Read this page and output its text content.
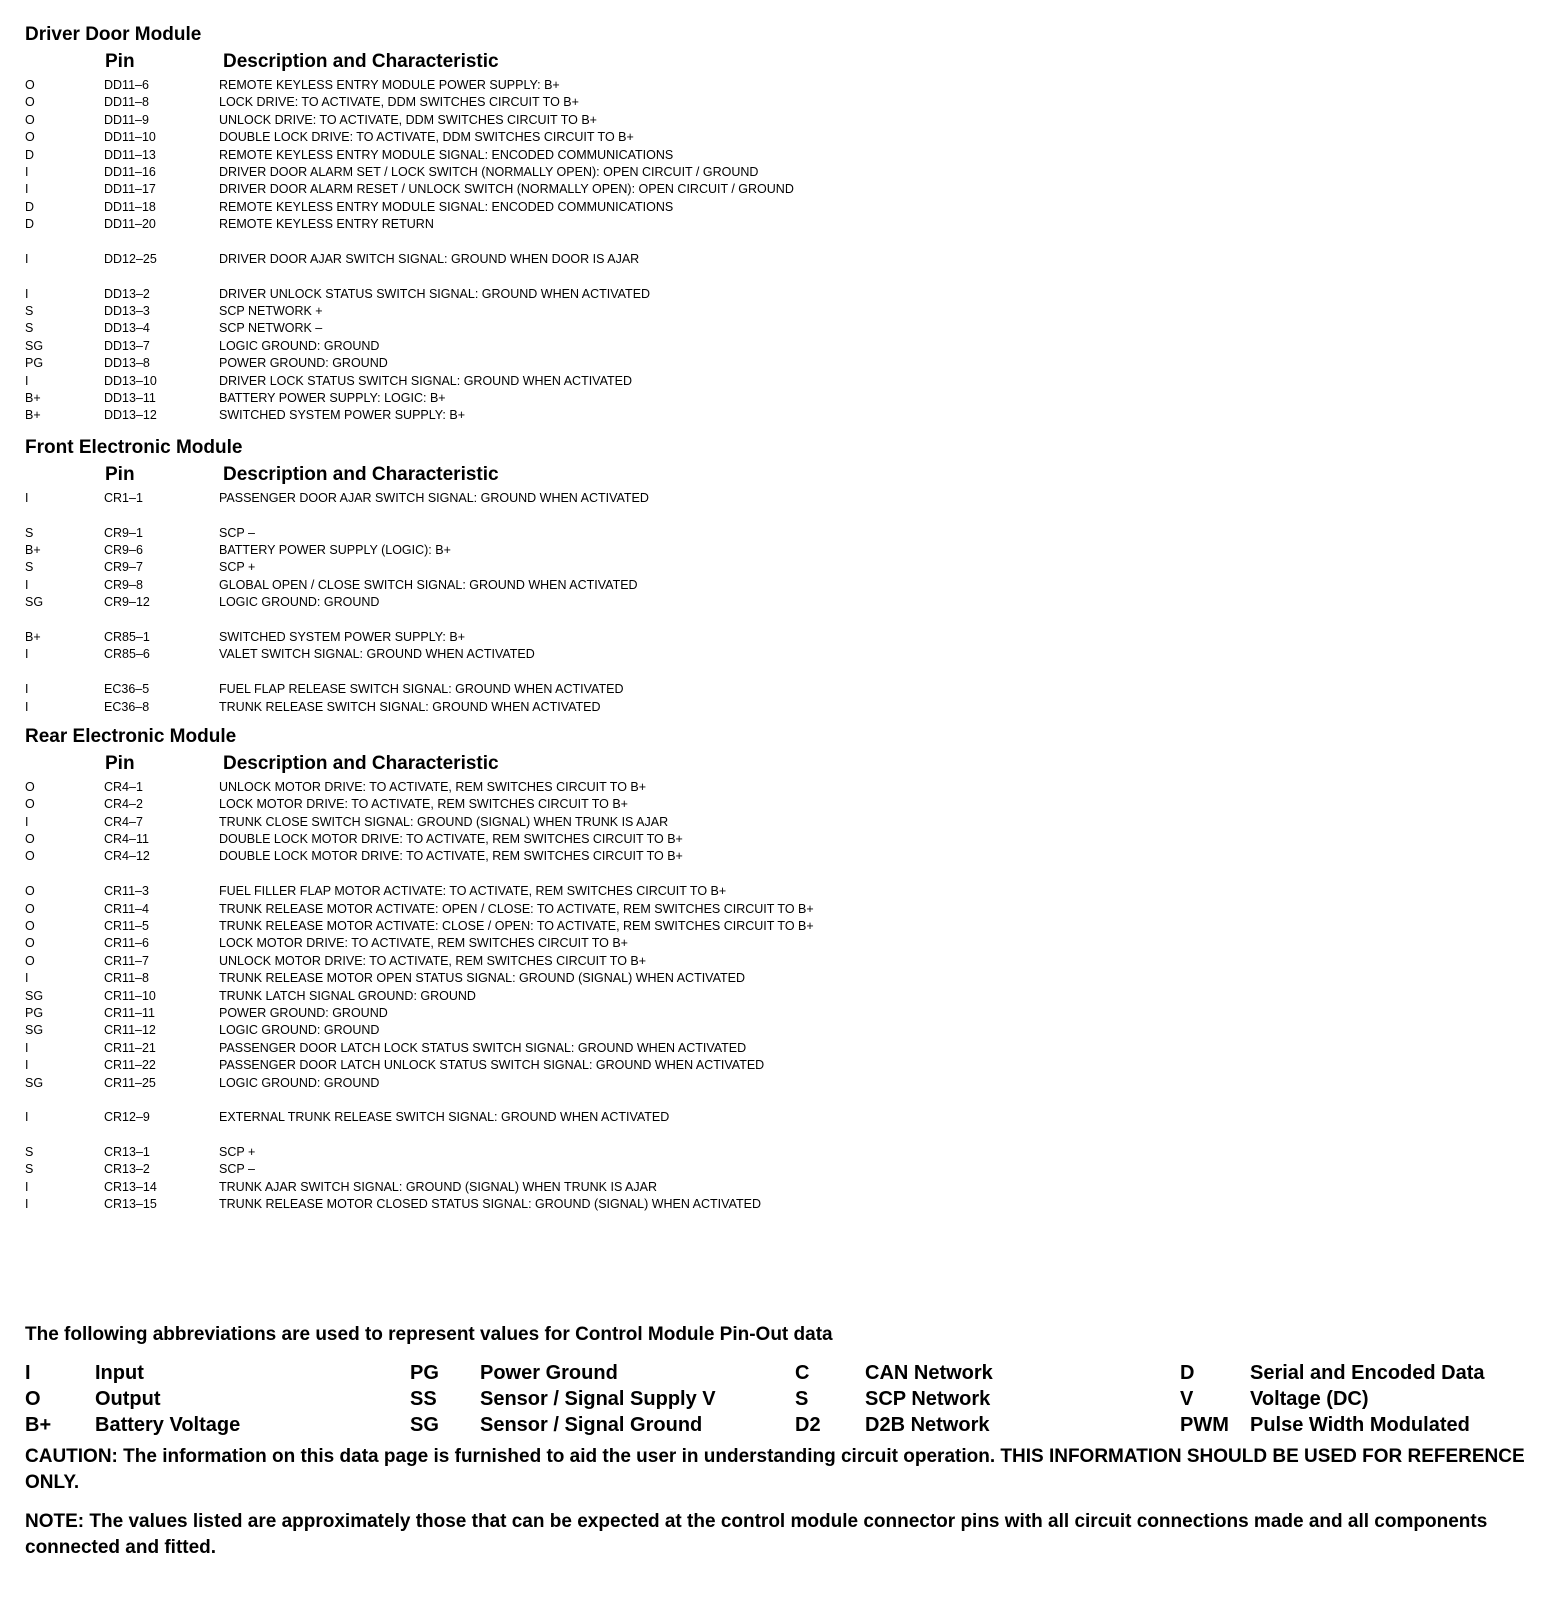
Driver Door Module
Pin	Description and Characteristic
O	DD11–6	REMOTE KEYLESS ENTRY MODULE POWER SUPPLY: B+
O	DD11–8	LOCK DRIVE: TO ACTIVATE, DDM SWITCHES CIRCUIT TO B+
O	DD11–9	UNLOCK DRIVE: TO ACTIVATE, DDM SWITCHES CIRCUIT TO B+
O	DD11–10	DOUBLE LOCK DRIVE: TO ACTIVATE, DDM SWITCHES CIRCUIT TO B+
D	DD11–13	REMOTE KEYLESS ENTRY MODULE SIGNAL: ENCODED COMMUNICATIONS
I	DD11–16	DRIVER DOOR ALARM SET / LOCK SWITCH (NORMALLY OPEN): OPEN CIRCUIT / GROUND
I	DD11–17	DRIVER DOOR ALARM RESET / UNLOCK SWITCH (NORMALLY OPEN): OPEN CIRCUIT / GROUND
D	DD11–18	REMOTE KEYLESS ENTRY MODULE SIGNAL: ENCODED COMMUNICATIONS
D	DD11–20	REMOTE KEYLESS ENTRY RETURN
I	DD12–25	DRIVER DOOR AJAR SWITCH SIGNAL: GROUND WHEN DOOR IS AJAR
I	DD13–2	DRIVER UNLOCK STATUS SWITCH SIGNAL: GROUND WHEN ACTIVATED
S	DD13–3	SCP NETWORK +
S	DD13–4	SCP NETWORK –
SG	DD13–7	LOGIC GROUND: GROUND
PG	DD13–8	POWER GROUND: GROUND
I	DD13–10	DRIVER LOCK STATUS SWITCH SIGNAL: GROUND WHEN ACTIVATED
B+	DD13–11	BATTERY POWER SUPPLY: LOGIC: B+
B+	DD13–12	SWITCHED SYSTEM POWER SUPPLY: B+
Front Electronic Module
Pin	Description and Characteristic
I	CR1–1	PASSENGER DOOR AJAR SWITCH SIGNAL: GROUND WHEN ACTIVATED
S	CR9–1	SCP –
B+	CR9–6	BATTERY POWER SUPPLY (LOGIC): B+
S	CR9–7	SCP +
I	CR9–8	GLOBAL OPEN / CLOSE SWITCH SIGNAL: GROUND WHEN ACTIVATED
SG	CR9–12	LOGIC GROUND: GROUND
B+	CR85–1	SWITCHED SYSTEM POWER SUPPLY: B+
I	CR85–6	VALET SWITCH SIGNAL: GROUND WHEN ACTIVATED
I	EC36–5	FUEL FLAP RELEASE SWITCH SIGNAL: GROUND WHEN ACTIVATED
I	EC36–8	TRUNK RELEASE SWITCH SIGNAL: GROUND WHEN ACTIVATED
Rear Electronic Module
Pin	Description and Characteristic
O	CR4–1	UNLOCK MOTOR DRIVE: TO ACTIVATE, REM SWITCHES CIRCUIT TO B+
O	CR4–2	LOCK MOTOR DRIVE: TO ACTIVATE, REM SWITCHES CIRCUIT TO B+
I	CR4–7	TRUNK CLOSE SWITCH SIGNAL: GROUND (SIGNAL) WHEN TRUNK IS AJAR
O	CR4–11	DOUBLE LOCK MOTOR DRIVE: TO ACTIVATE, REM SWITCHES CIRCUIT TO B+
O	CR4–12	DOUBLE LOCK MOTOR DRIVE: TO ACTIVATE, REM SWITCHES CIRCUIT TO B+
O	CR11–3	FUEL FILLER FLAP MOTOR ACTIVATE: TO ACTIVATE, REM SWITCHES CIRCUIT TO B+
O	CR11–4	TRUNK RELEASE MOTOR ACTIVATE: OPEN / CLOSE: TO ACTIVATE, REM SWITCHES CIRCUIT TO B+
O	CR11–5	TRUNK RELEASE MOTOR ACTIVATE: CLOSE / OPEN: TO ACTIVATE, REM SWITCHES CIRCUIT TO B+
O	CR11–6	LOCK MOTOR DRIVE: TO ACTIVATE, REM SWITCHES CIRCUIT TO B+
O	CR11–7	UNLOCK MOTOR DRIVE: TO ACTIVATE, REM SWITCHES CIRCUIT TO B+
I	CR11–8	TRUNK RELEASE MOTOR OPEN STATUS SIGNAL: GROUND (SIGNAL) WHEN ACTIVATED
SG	CR11–10	TRUNK LATCH SIGNAL GROUND: GROUND
PG	CR11–11	POWER GROUND: GROUND
SG	CR11–12	LOGIC GROUND: GROUND
I	CR11–21	PASSENGER DOOR LATCH LOCK STATUS SWITCH SIGNAL: GROUND WHEN ACTIVATED
I	CR11–22	PASSENGER DOOR LATCH UNLOCK STATUS SWITCH SIGNAL: GROUND WHEN ACTIVATED
SG	CR11–25	LOGIC GROUND: GROUND
I	CR12–9	EXTERNAL TRUNK RELEASE SWITCH SIGNAL: GROUND WHEN ACTIVATED
S	CR13–1	SCP +
S	CR13–2	SCP –
I	CR13–14	TRUNK AJAR SWITCH SIGNAL: GROUND (SIGNAL) WHEN TRUNK IS AJAR
I	CR13–15	TRUNK RELEASE MOTOR CLOSED STATUS SIGNAL: GROUND (SIGNAL) WHEN ACTIVATED
The following abbreviations are used to represent values for Control Module Pin-Out data
I	Input	PG Power Ground	C	CAN Network	D	Serial and Encoded Data
O	Output	SS Sensor / Signal Supply V	S	SCP Network	V	Voltage (DC)
B+ Battery Voltage	SG Sensor / Signal Ground	D2 D2B Network	PWM Pulse Width Modulated
CAUTION: The information on this data page is furnished to aid the user in understanding circuit operation. THIS INFORMATION SHOULD BE USED FOR REFERENCE ONLY.
NOTE: The values listed are approximately those that can be expected at the control module connector pins with all circuit connections made and all components connected and fitted.
